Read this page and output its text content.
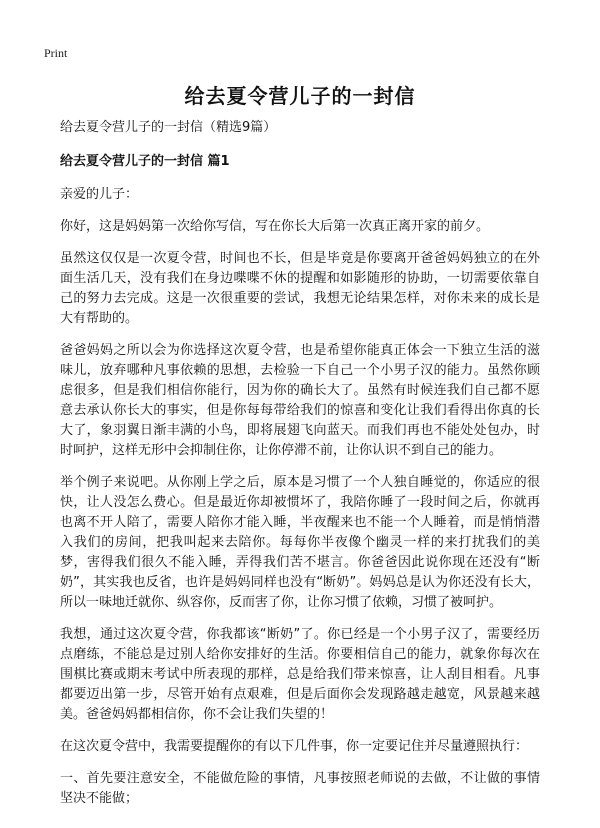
Print
给去夏令营儿子的一封信
给去夏令营儿子的一封信（精选9篇）
给去夏令营儿子的一封信 篇1

亲爱的儿子：

你好，这是妈妈第一次给你写信，写在你长大后第一次真正离开家的前夕。

虽然这仅仅是一次夏令营，时间也不长，但是毕竟是你要离开爸爸妈妈独立的在外面生活几天，没有我们在身边喋喋不休的提醒和如影随形的协助，一切需要依靠自己的努力去完成。这是一次很重要的尝试，我想无论结果怎样，对你未来的成长是大有帮助的。

爸爸妈妈之所以会为你选择这次夏令营，也是希望你能真正体会一下独立生活的滋味儿，放弃哪种凡事依赖的思想，去检验一下自己一个小男子汉的能力。虽然你顾虑很多，但是我们相信你能行，因为你的确长大了。虽然有时候连我们自己都不愿意去承认你长大的事实，但是你每每带给我们的惊喜和变化让我们看得出你真的长大了，象羽翼日渐丰满的小鸟，即将展翅飞向蓝天。而我们再也不能处处包办，时时呵护，这样无形中会抑制住你，让你停滞不前，让你认识不到自己的能力。

举个例子来说吧。从你刚上学之后，原本是习惯了一个人独自睡觉的，你适应的很快，让人没怎么费心。但是最近你却被惯坏了，我陪你睡了一段时间之后，你就再也离不开人陪了，需要人陪你才能入睡，半夜醒来也不能一个人睡着，而是悄悄潜入我们的房间，把我叫起来去陪你。每每你半夜像个幽灵一样的来打扰我们的美梦，害得我们很久不能入睡，弄得我们苦不堪言。你爸爸因此说你现在还没有“断奶”，其实我也反省，也许是妈妈同样也没有“断奶”。妈妈总是认为你还没有长大，所以一味地迁就你、纵容你，反而害了你，让你习惯了依赖，习惯了被呵护。

我想，通过这次夏令营，你我都该“断奶”了。你已经是一个小男子汉了，需要经历点磨练，不能总是过别人给你安排好的生活。你要相信自己的能力，就象你每次在围棋比赛或期末考试中所表现的那样，总是给我们带来惊喜，让人刮目相看。凡事都要迈出第一步，尽管开始有点艰难，但是后面你会发现路越走越宽，风景越来越美。爸爸妈妈都相信你，你不会让我们失望的！

在这次夏令营中，我需要提醒你的有以下几件事，你一定要记住并尽量遵照执行：

一、首先要注意安全，不能做危险的事情，凡事按照老师说的去做，不让做的事情坚决不能做；
